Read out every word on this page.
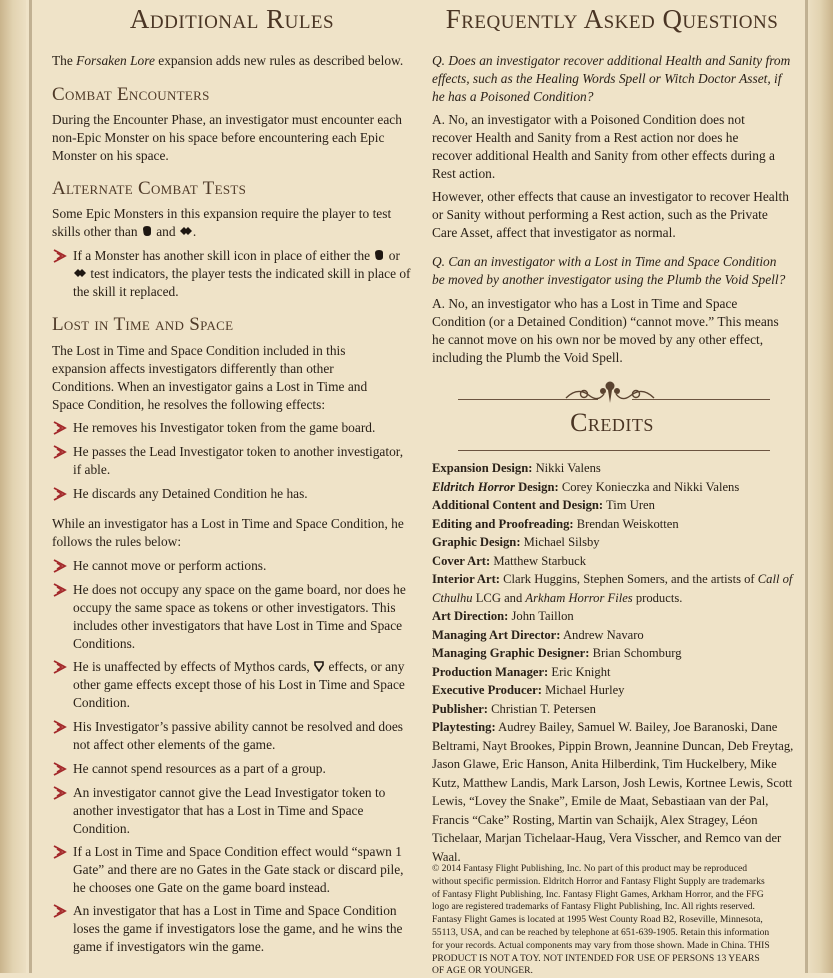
Additional Rules

The Forsaken Lore expansion adds new rules as described below.

Combat Encounters

During the Encounter Phase, an investigator must encounter each non-Epic Monster on his space before encountering each Epic Monster on his space.

Alternate Combat Tests

Some Epic Monsters in this expansion require the player to test skills other than  and .

If a Monster has another skill icon in place of either the  or  test indicators, the player tests the indicated skill in place of the skill it replaced.
Lost in Time and Space

The Lost in Time and Space Condition included in this expansion affects investigators differently than other Conditions. When an investigator gains a Lost in Time and Space Condition, he resolves the following effects:

He removes his Investigator token from the game board.
He passes the Lead Investigator token to another investigator, if able.
He discards any Detained Condition he has.

While an investigator has a Lost in Time and Space Condition, he follows the rules below:

He cannot move or perform actions.
He does not occupy any space on the game board, nor does he occupy the same space as tokens or other investigators. This includes other investigators that have Lost in Time and Space Conditions.
He is unaffected by effects of Mythos cards,  effects, or any other game effects except those of his Lost in Time and Space Condition.
His Investigator’s passive ability cannot be resolved and does not affect other elements of the game.
He cannot spend resources as a part of a group.
An investigator cannot give the Lead Investigator token to another investigator that has a Lost in Time and Space Condition.
If a Lost in Time and Space Condition effect would “spawn 1 Gate” and there are no Gates in the Gate stack or discard pile, he chooses one Gate on the game board instead.
An investigator that has a Lost in Time and Space Condition loses the game if investigators lose the game, and he wins the game if investigators win the game.
Frequently Asked Questions

Q. Does an investigator recover additional Health and Sanity from effects, such as the Healing Words Spell or Witch Doctor Asset, if he has a Poisoned Condition?

A. No, an investigator with a Poisoned Condition does not recover Health and Sanity from a Rest action nor does he recover additional Health and Sanity from other effects during a Rest action.

However, other effects that cause an investigator to recover Health or Sanity without performing a Rest action, such as the Private Care Asset, affect that investigator as normal.

Q. Can an investigator with a Lost in Time and Space Condition be moved by another investigator using the Plumb the Void Spell?

A. No, an investigator who has a Lost in Time and Space Condition (or a Detained Condition) “cannot move.” This means he cannot move on his own nor be moved by any other effect, including the Plumb the Void Spell.

Credits

Expansion Design: Nikki Valens

Eldritch Horror Design: Corey Konieczka and Nikki Valens

Additional Content and Design: Tim Uren

Editing and Proofreading: Brendan Weiskotten

Graphic Design: Michael Silsby

Cover Art: Matthew Starbuck

Interior Art: Clark Huggins, Stephen Somers, and the artists of Call of Cthulhu LCG and Arkham Horror Files products.

Art Direction: John Taillon

Managing Art Director: Andrew Navaro

Managing Graphic Designer: Brian Schomburg

Production Manager: Eric Knight

Executive Producer: Michael Hurley

Publisher: Christian T. Petersen

Playtesting: Audrey Bailey, Samuel W. Bailey, Joe Baranoski, Dane Beltrami, Nayt Brookes, Pippin Brown, Jeannine Duncan, Deb Freytag, Jason Glawe, Eric Hanson, Anita Hilberdink, Tim Huckelbery, Mike Kutz, Matthew Landis, Mark Larson, Josh Lewis, Kortnee Lewis, Scott Lewis, “Lovey the Snake”, Emile de Maat, Sebastiaan van der Pal, Francis “Cake” Rosting, Martin van Schaijk, Alex Stragey, Léon Tichelaar, Marjan Tichelaar-Haug, Vera Visscher, and Remco van der Waal.

© 2014 Fantasy Flight Publishing, Inc. No part of this product may be reproduced without specific permission. Eldritch Horror and Fantasy Flight Supply are trademarks of Fantasy Flight Publishing, Inc. Fantasy Flight Games, Arkham Horror, and the FFG logo are registered trademarks of Fantasy Flight Publishing, Inc. All rights reserved. Fantasy Flight Games is located at 1995 West County Road B2, Roseville, Minnesota, 55113, USA, and can be reached by telephone at 651-639-1905. Retain this information for your records. Actual components may vary from those shown. Made in China. THIS PRODUCT IS NOT A TOY. NOT INTENDED FOR USE OF PERSONS 13 YEARS OF AGE OR YOUNGER.
